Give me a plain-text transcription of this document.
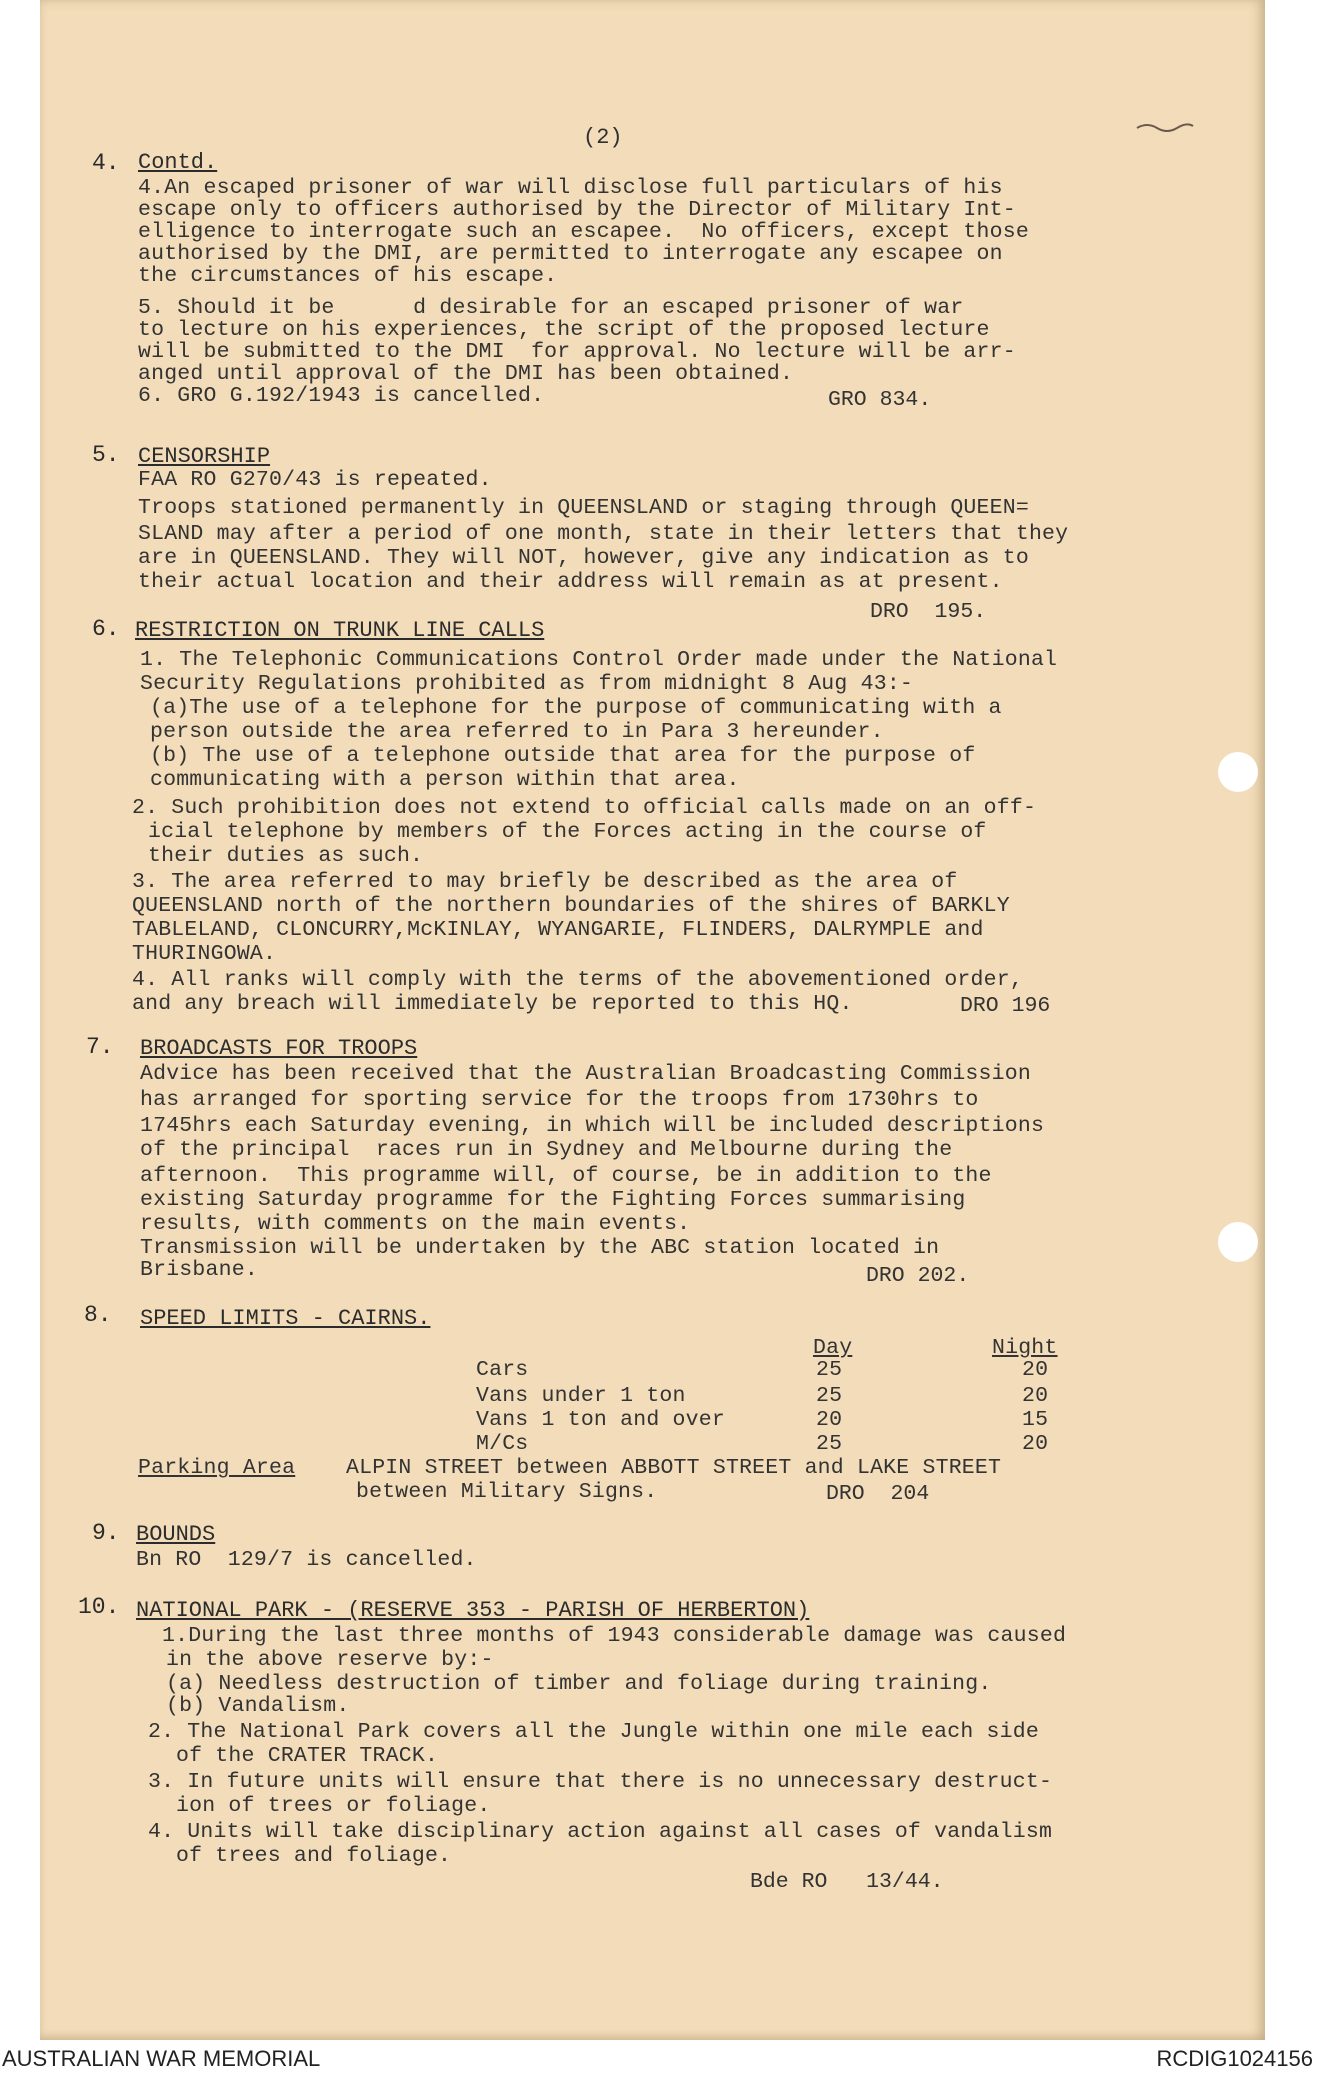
(2)
4. Contd.
4.An escaped prisoner of war will disclose full particulars of his
escape only to officers authorised by the Director of Military Int-
elligence to interrogate such an escapee.  No officers, except those
authorised by the DMI, are permitted to interrogate any escapee on
the circumstances of his escape.
5. Should it be      d desirable for an escaped prisoner of war
to lecture on his experiences, the script of the proposed lecture
will be submitted to the DMI  for approval. No lecture will be arr-
anged until approval of the DMI has been obtained.
6. GRO G.192/1943 is cancelled.	GRO 834.
5. CENSORSHIP
FAA RO G270/43 is repeated.
Troops stationed permanently in QUEENSLAND or staging through QUEEN=
SLAND may after a period of one month, state in their letters that they
are in QUEENSLAND. They will NOT, however, give any indication as to
their actual location and their address will remain as at present.
DRO  195.
6. RESTRICTION ON TRUNK LINE CALLS
1. The Telephonic Communications Control Order made under the National
Security Regulations prohibited as from midnight 8 Aug 43:-
(a)The use of a telephone for the purpose of communicating with a
person outside the area referred to in Para 3 hereunder.
(b) The use of a telephone outside that area for the purpose of
communicating with a person within that area.
2. Such prohibition does not extend to official calls made on an off-
icial telephone by members of the Forces acting in the course of
their duties as such.
3. The area referred to may briefly be described as the area of
QUEENSLAND north of the northern boundaries of the shires of BARKLY
TABLELAND, CLONCURRY,McKINLAY, WYANGARIE, FLINDERS, DALRYMPLE and
THURINGOWA.
4. All ranks will comply with the terms of the abovementioned order,
and any breach will immediately be reported to this HQ.	DRO 196
7. BROADCASTS FOR TROOPS
Advice has been received that the Australian Broadcasting Commission
has arranged for sporting service for the troops from 1730hrs to
1745hrs each Saturday evening, in which will be included descriptions
of the principal  races run in Sydney and Melbourne during the
afternoon.  This programme will, of course, be in addition to the
existing Saturday programme for the Fighting Forces summarising
results, with comments on the main events.
Transmission will be undertaken by the ABC station located in
Brisbane.	DRO 202.
8. SPEED LIMITS - CAIRNS.
Day	Night
Cars	25	20
Vans under 1 ton	25	20
Vans 1 ton and over	20	15
M/Cs	25	20
Parking Area ALPIN STREET between ABBOTT STREET and LAKE STREET
between Military Signs.	DRO  204
9. BOUNDS
Bn RO  129/7 is cancelled.
10. NATIONAL PARK - (RESERVE 353 - PARISH OF HERBERTON)
1.During the last three months of 1943 considerable damage was caused
in the above reserve by:-
(a) Needless destruction of timber and foliage during training.
(b) Vandalism.
2. The National Park covers all the Jungle within one mile each side
of the CRATER TRACK.
3. In future units will ensure that there is no unnecessary destruct-
ion of trees or foliage.
4. Units will take disciplinary action against all cases of vandalism
of trees and foliage.
Bde RO   13/44.
AUSTRALIAN WAR MEMORIAL	RCDIG1024156
